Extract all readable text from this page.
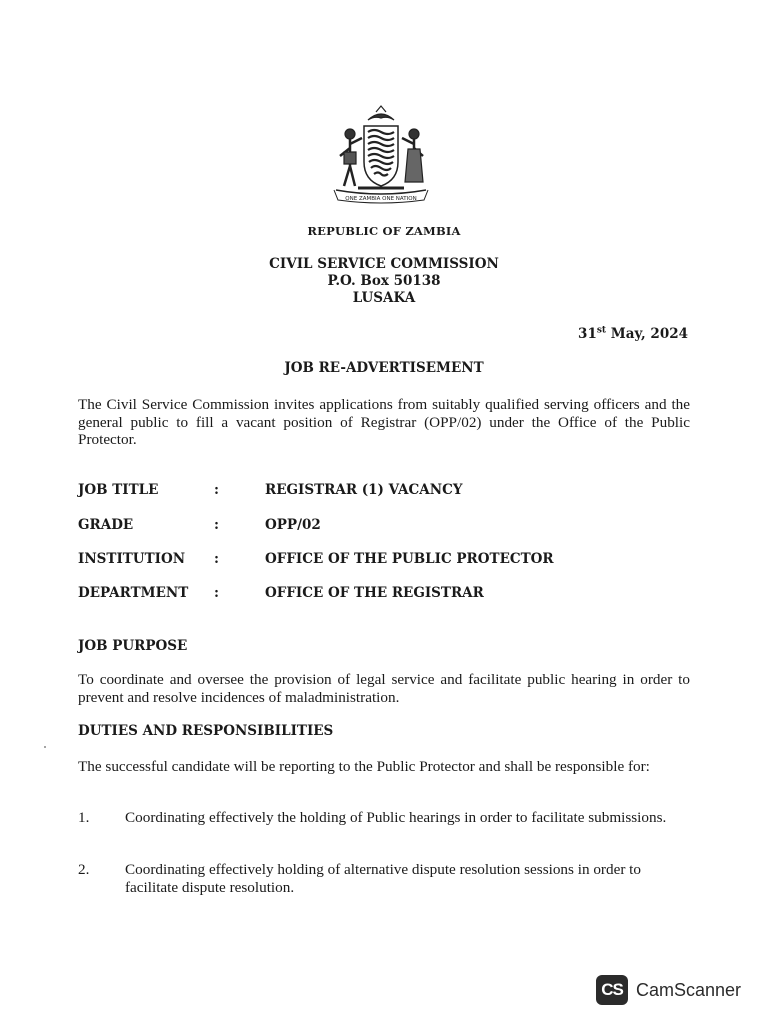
ONE ZAMBIA ONE NATION
REPUBLIC OF ZAMBIA
CIVIL SERVICE COMMISSION
P.O. Box 50138
LUSAKA
31st May, 2024
JOB RE-ADVERTISEMENT
The Civil Service Commission invites applications from suitably qualified serving officers and the general public to fill a vacant position of Registrar (OPP/02) under the Office of the Public Protector.
JOB TITLE	:	REGISTRAR (1) VACANCY
GRADE	:	OPP/02
INSTITUTION :	OFFICE OF THE PUBLIC PROTECTOR
DEPARTMENT :	OFFICE OF THE REGISTRAR
JOB PURPOSE
To coordinate and oversee the provision of legal service and facilitate public hearing in order to prevent and resolve incidences of maladministration.
DUTIES AND RESPONSIBILITIES
The successful candidate will be reporting to the Public Protector and shall be responsible for:
1. Coordinating effectively the holding of Public hearings in order to facilitate submissions.
2. Coordinating effectively holding of alternative dispute resolution sessions in order to facilitate dispute resolution.
CS CamScanner
